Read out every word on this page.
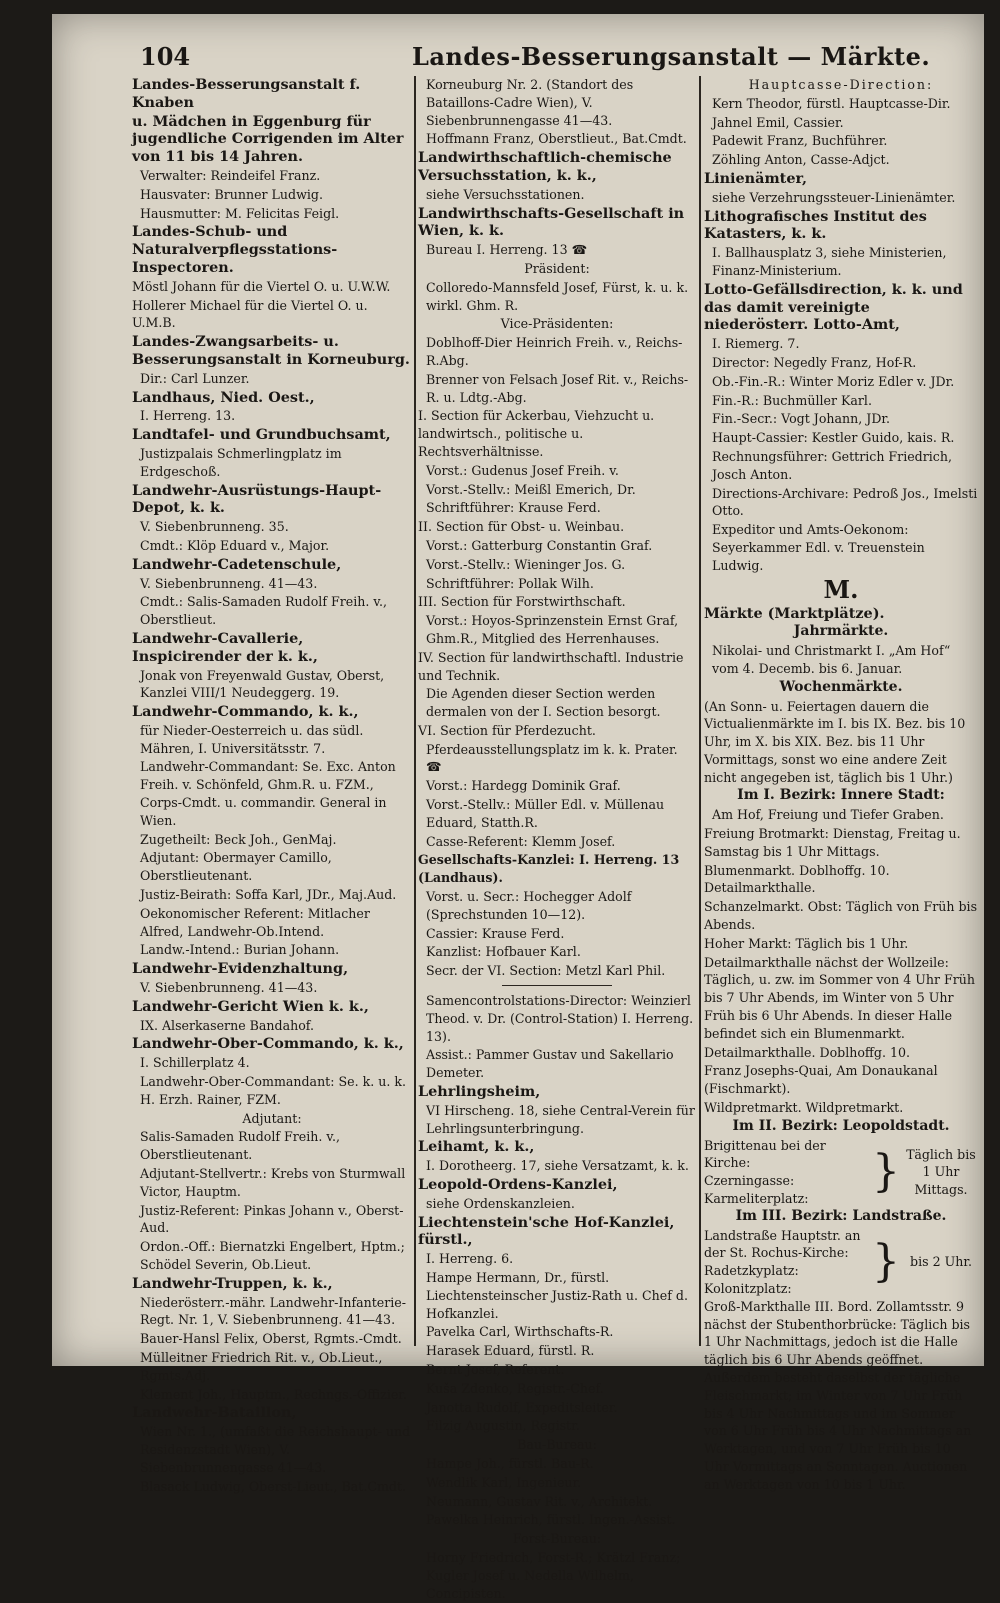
104	Landes-Besserungsanstalt — Märkte.
Landes-Besserungsanstalt f. Knaben
u. Mädchen in Eggenburg für jugendliche Corrigenden im Alter von 11 bis 14 Jahren.
Verwalter: Reindeifel Franz.
Hausvater: Brunner Ludwig.
Hausmutter: M. Felicitas Feigl.
Landes-Schub- und Naturalverpflegsstations-Inspectoren.
Möstl Johann für die Viertel O. u. U.W.W.
Hollerer Michael für die Viertel O. u. U.M.B.
Landes-Zwangsarbeits- u. Besserungsanstalt in Korneuburg.
Dir.: Carl Lunzer.
Landhaus, Nied. Oest.,
I. Herreng. 13.
Landtafel- und Grundbuchsamt,
Justizpalais Schmerlingplatz im Erdgeschoß.
Landwehr-Ausrüstungs-Haupt-Depot, k. k.
V. Siebenbrunneng. 35.
Cmdt.: Klöp Eduard v., Major.
Landwehr-Cadetenschule,
V. Siebenbrunneng. 41—43.
Cmdt.: Salis-Samaden Rudolf Freih. v., Oberstlieut.
Landwehr-Cavallerie, Inspicirender der k. k.,
Jonak von Freyenwald Gustav, Oberst, Kanzlei VIII/1 Neudeggerg. 19.
Landwehr-Commando, k. k.,
für Nieder-Oesterreich u. das südl. Mähren, I. Universitätsstr. 7.
Landwehr-Commandant: Se. Exc. Anton Freih. v. Schönfeld, Ghm.R. u. FZM., Corps-Cmdt. u. commandir. General in Wien.
Zugetheilt: Beck Joh., GenMaj.
Adjutant: Obermayer Camillo, Oberstlieutenant.
Justiz-Beirath: Soffa Karl, JDr., Maj.Aud.
Oekonomischer Referent: Mitlacher Alfred, Landwehr-Ob.Intend.
Landw.-Intend.: Burian Johann.
Landwehr-Evidenzhaltung,
V. Siebenbrunneng. 41—43.
Landwehr-Gericht Wien k. k.,
IX. Alserkaserne Bandahof.
Landwehr-Ober-Commando, k. k.,
I. Schillerplatz 4.
Landwehr-Ober-Commandant: Se. k. u. k. H. Erzh. Rainer, FZM.
Adjutant:
Salis-Samaden Rudolf Freih. v., Oberstlieutenant.
Adjutant-Stellvertr.: Krebs von Sturmwall Victor, Hauptm.
Justiz-Referent: Pinkas Johann v., Oberst-Aud.
Ordon.-Off.: Biernatzki Engelbert, Hptm.; Schödel Severin, Ob.Lieut.
Landwehr-Truppen, k. k.,
Niederösterr.-mähr. Landwehr-Infanterie-Regt. Nr. 1, V. Siebenbrunneng. 41—43.
Bauer-Hansl Felix, Oberst, Rgmts.-Cmdt.
Mülleitner Friedrich Rit. v., Ob.Lieut., Rgmts.Adj.
Klement Joh., Hauptm., Rechngs.-Offizier.
Landwehr-Bataillon,
Wien Nr. 1., (umfaßt die Reichshaupt- und Residenzstadt Wien), V. Siebenbrunnengasse 41—43.
Blasack Ludwig, Oberst-Lieut., Bat.Cmdt.
Korneuburg Nr. 2. (Standort des Bataillons-Cadre Wien), V. Siebenbrunnengasse 41—43.
Hoffmann Franz, Oberstlieut., Bat.Cmdt.
Landwirthschaftlich-chemische Versuchsstation, k. k.,
siehe Versuchsstationen.
Landwirthschafts-Gesellschaft in Wien, k. k.
Bureau I. Herreng. 13 ☎
Präsident:
Colloredo-Mannsfeld Josef, Fürst, k. u. k. wirkl. Ghm. R.
Vice-Präsidenten:
Doblhoff-Dier Heinrich Freih. v., Reichs-R.Abg.
Brenner von Felsach Josef Rit. v., Reichs-R. u. Ldtg.-Abg.
I. Section für Ackerbau, Viehzucht u. landwirtsch., politische u. Rechtsverhältnisse.
Vorst.: Gudenus Josef Freih. v.
Vorst.-Stellv.: Meißl Emerich, Dr.
Schriftführer: Krause Ferd.
II. Section für Obst- u. Weinbau.
Vorst.: Gatterburg Constantin Graf.
Vorst.-Stellv.: Wieninger Jos. G.
Schriftführer: Pollak Wilh.
III. Section für Forstwirthschaft.
Vorst.: Hoyos-Sprinzenstein Ernst Graf, Ghm.R., Mitglied des Herrenhauses.
IV. Section für landwirthschaftl. Industrie und Technik.
Die Agenden dieser Section werden dermalen von der I. Section besorgt.
VI. Section für Pferdezucht.
Pferdeausstellungsplatz im k. k. Prater. ☎
Vorst.: Hardegg Dominik Graf.
Vorst.-Stellv.: Müller Edl. v. Müllenau Eduard, Statth.R.
Casse-Referent: Klemm Josef.
Gesellschafts-Kanzlei: I. Herreng. 13 (Landhaus).
Vorst. u. Secr.: Hochegger Adolf (Sprechstunden 10—12).
Cassier: Krause Ferd.
Kanzlist: Hofbauer Karl.
Secr. der VI. Section: Metzl Karl Phil.
Samencontrolstations-Director: Weinzierl Theod. v. Dr. (Control-Station) I. Herreng. 13).
Assist.: Pammer Gustav und Sakellario Demeter.
Lehrlingsheim,
VI Hirscheng. 18, siehe Central-Verein für Lehrlingsunterbringung.
Leihamt, k. k.,
I. Dorotheerg. 17, siehe Versatzamt, k. k.
Leopold-Ordens-Kanzlei,
siehe Ordenskanzleien.
Liechtenstein'sche Hof-Kanzlei, fürstl.,
I. Herreng. 6.
Hampe Hermann, Dr., fürstl. Liechtensteinscher Justiz-Rath u. Chef d. Hofkanzlei.
Pavelka Carl, Wirthschafts-R.
Harasek Eduard, fürstl. R.
Bernt Josef, Referent.
Kuša Zdenko, Registr.-Chef.
Janotta Rudolf, Expeditsleiter.
Filzig Augustin, Registr.
Bau-Bureau:
Hampe Joh., fürstl. Bau-R.
Wendlik Karl, Ingenieur.
Neumann, Gustav Rit. v., Architekt.
Pawelka Heinrich, fürstl. Ingen.-Assist.
Forst-Bureau:
Horny Friedrich, Forst-R.; Krätzl Franz; Kugler Josef u. Nedella Wilhelm, Concipisten.
Hauptcasse-Direction:
Kern Theodor, fürstl. Hauptcasse-Dir.
Jahnel Emil, Cassier.
Padewit Franz, Buchführer.
Zöhling Anton, Casse-Adjct.
Linienämter,
siehe Verzehrungssteuer-Linienämter.
Lithografisches Institut des Katasters, k. k.
I. Ballhausplatz 3, siehe Ministerien, Finanz-Ministerium.
Lotto-Gefällsdirection, k. k. und das damit vereinigte niederösterr. Lotto-Amt,
I. Riemerg. 7.
Director: Negedly Franz, Hof-R.
Ob.-Fin.-R.: Winter Moriz Edler v. JDr.
Fin.-R.: Buchmüller Karl.
Fin.-Secr.: Vogt Johann, JDr.
Haupt-Cassier: Kestler Guido, kais. R.
Rechnungsführer: Gettrich Friedrich, Josch Anton.
Directions-Archivare: Pedroß Jos., Imelsti Otto.
Expeditor und Amts-Oekonom: Seyerkammer Edl. v. Treuenstein Ludwig.
M.
Märkte (Marktplätze).
Jahrmärkte.
Nikolai- und Christmarkt I. „Am Hof“ vom 4. Decemb. bis 6. Januar.
Wochenmärkte.
(An Sonn- u. Feiertagen dauern die Victualienmärkte im I. bis IX. Bez. bis 10 Uhr, im X. bis XIX. Bez. bis 11 Uhr Vormittags, sonst wo eine andere Zeit nicht angegeben ist, täglich bis 1 Uhr.)
Im I. Bezirk: Innere Stadt:
Am Hof, Freiung und Tiefer Graben.
Freiung Brotmarkt: Dienstag, Freitag u. Samstag bis 1 Uhr Mittags.
Blumenmarkt. Doblhoffg. 10. Detailmarkthalle.
Schanzelmarkt. Obst: Täglich von Früh bis Abends.
Hoher Markt: Täglich bis 1 Uhr.
Detailmarkthalle nächst der Wollzeile: Täglich, u. zw. im Sommer von 4 Uhr Früh bis 7 Uhr Abends, im Winter von 5 Uhr Früh bis 6 Uhr Abends. In dieser Halle befindet sich ein Blumenmarkt.
Detailmarkthalle. Doblhoffg. 10.
Franz Josephs-Quai, Am Donaukanal (Fischmarkt).
Wildpretmarkt. Wildpretmarkt.
Im II. Bezirk: Leopoldstadt.
Brigittenau bei der Kirche:
Czerningasse:
Karmeliterplatz:
} Täglich bis 1 Uhr Mittags.
Im III. Bezirk: Landstraße.
Landstraße Hauptstr. an der St. Rochus-Kirche:
Radetzkyplatz:
Kolonitzplatz:
} bis 2 Uhr.
Groß-Markthalle III. Bord. Zollamtsstr. 9 nächst der Stubenthorbrücke: Täglich bis 1 Uhr Nachmittags, jedoch ist die Halle täglich bis 6 Uhr Abends geöffnet. Außerdem besteht daselbst der tägliche Fleischmarkt; im Winter von 7 Uhr Früh bis 4 Uhr Nachmittags und im Sommer von 6 Uhr Früh bis 4 Uhr Nachmittags an Werktagen, und von 7 Uhr Früh bis 10 Uhr Vormittags an Sonntagen. Auctionen an Werktagen von 10 bis 1 Uhr.
